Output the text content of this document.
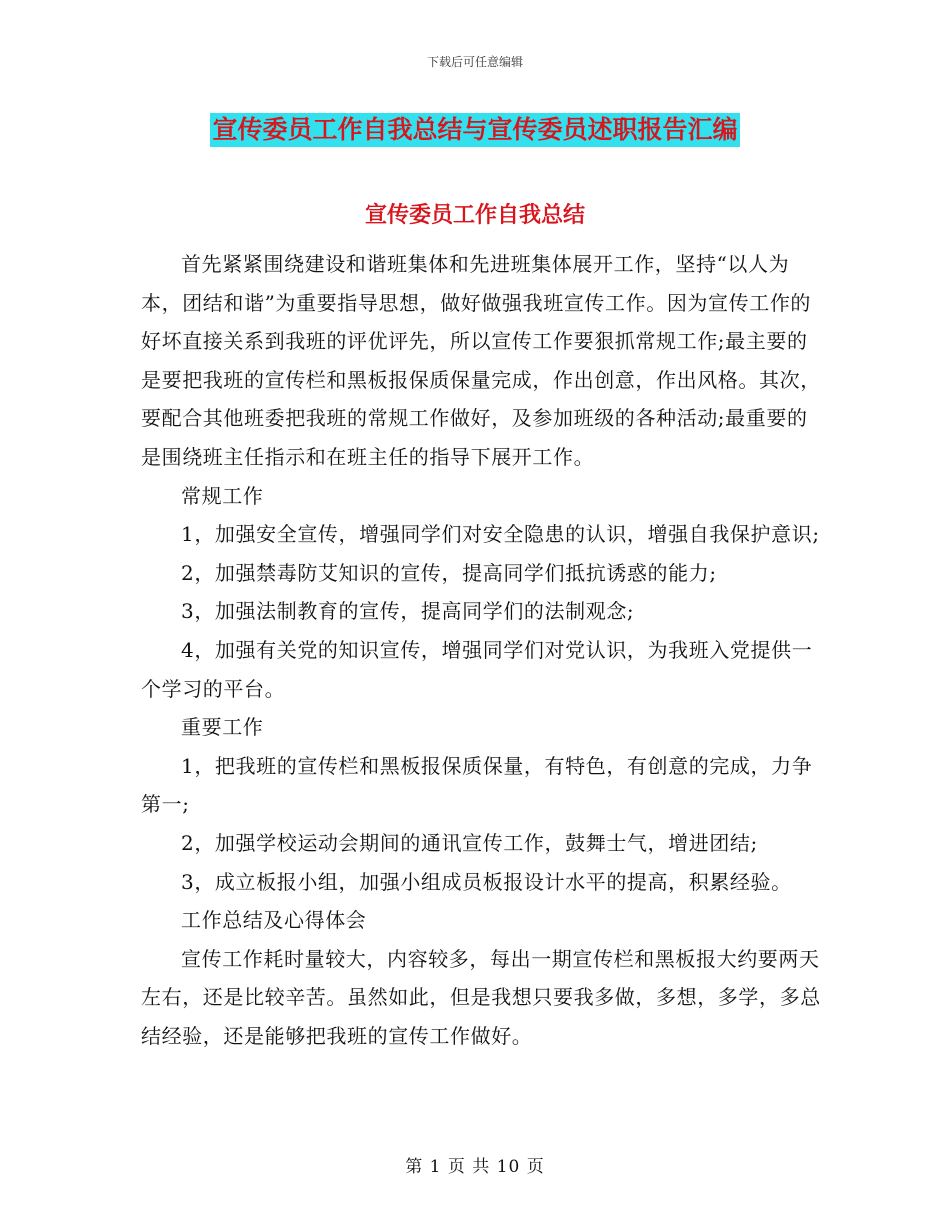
下载后可任意编辑
宣传委员工作自我总结与宣传委员述职报告汇编
宣传委员工作自我总结

首先紧紧围绕建设和谐班集体和先进班集体展开工作，坚持“以人为本，团结和谐”为重要指导思想，做好做强我班宣传工作。因为宣传工作的好坏直接关系到我班的评优评先，所以宣传工作要狠抓常规工作;最主要的是要把我班的宣传栏和黑板报保质保量完成，作出创意，作出风格。其次，要配合其他班委把我班的常规工作做好，及参加班级的各种活动;最重要的是围绕班主任指示和在班主任的指导下展开工作。

常规工作

1，加强安全宣传，增强同学们对安全隐患的认识，增强自我保护意识;

2，加强禁毒防艾知识的宣传，提高同学们抵抗诱惑的能力;

3，加强法制教育的宣传，提高同学们的法制观念;

4，加强有关党的知识宣传，增强同学们对党认识，为我班入党提供一个学习的平台。

重要工作

1，把我班的宣传栏和黑板报保质保量，有特色，有创意的完成，力争第一;

2，加强学校运动会期间的通讯宣传工作，鼓舞士气，增进团结;

3，成立板报小组，加强小组成员板报设计水平的提高，积累经验。

工作总结及心得体会

宣传工作耗时量较大，内容较多，每出一期宣传栏和黑板报大约要两天左右，还是比较辛苦。虽然如此，但是我想只要我多做，多想，多学，多总结经验，还是能够把我班的宣传工作做好。

第 1 页 共 10 页
